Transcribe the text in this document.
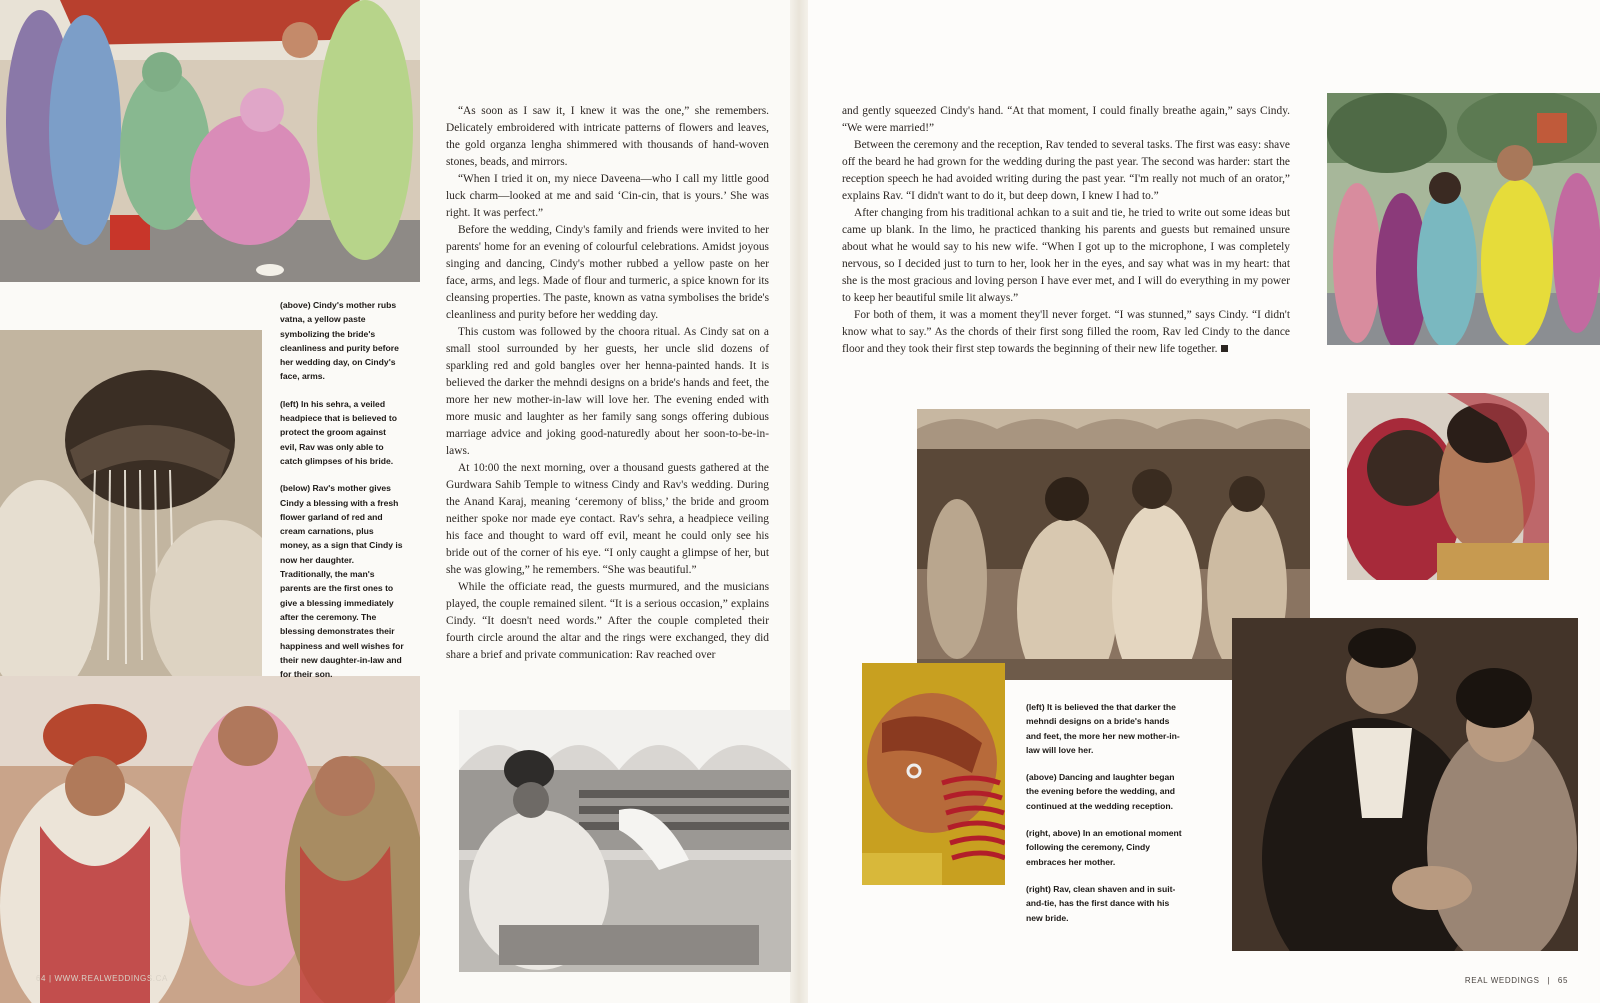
(above) Cindy's mother rubs vatna, a yellow paste symbolizing the bride's cleanliness and purity before her wedding day, on Cindy's face, arms.

(left) In his sehra, a veiled headpiece that is believed to protect the groom against evil, Rav was only able to catch glimpses of his bride.

(below) Rav's mother gives Cindy a blessing with a fresh flower garland of red and cream carnations, plus money, as a sign that Cindy is now her daughter. Traditionally, the man's parents are the first ones to give a blessing immediately after the ceremony. The blessing demonstrates their happiness and well wishes for their new daughter-in-law and for their son.

“As soon as I saw it, I knew it was the one,” she remembers. Delicately embroidered with intricate patterns of flowers and leaves, the gold organza lengha shimmered with thousands of hand-woven stones, beads, and mirrors.

“When I tried it on, my niece Daveena—who I call my little good luck charm—looked at me and said ‘Cin-cin, that is yours.’ She was right. It was perfect.”

Before the wedding, Cindy's family and friends were invited to her parents' home for an evening of colourful celebrations. Amidst joyous singing and dancing, Cindy's mother rubbed a yellow paste on her face, arms, and legs. Made of flour and turmeric, a spice known for its cleansing properties. The paste, known as vatna symbolises the bride's cleanliness and purity before her wedding day.

This custom was followed by the choora ritual. As Cindy sat on a small stool surrounded by her guests, her uncle slid dozens of sparkling red and gold bangles over her henna-painted hands. It is believed the darker the mehndi designs on a bride's hands and feet, the more her new mother-in-law will love her. The evening ended with more music and laughter as her family sang songs offering dubious marriage advice and joking good-naturedly about her soon-to-be-in-laws.

At 10:00 the next morning, over a thousand guests gathered at the Gurdwara Sahib Temple to witness Cindy and Rav's wedding. During the Anand Karaj, meaning ‘ceremony of bliss,’ the bride and groom neither spoke nor made eye contact. Rav's sehra, a headpiece veiling his face and thought to ward off evil, meant he could only see his bride out of the corner of his eye. “I only caught a glimpse of her, but she was glowing,” he remembers. “She was beautiful.”

While the officiate read, the guests murmured, and the musicians played, the couple remained silent. “It is a serious occasion,” explains Cindy. “It doesn't need words.” After the couple completed their fourth circle around the altar and the rings were exchanged, they did share a brief and private communication: Rav reached over

64 | WWW.REALWEDDINGS.CA

and gently squeezed Cindy's hand. “At that moment, I could finally breathe again,” says Cindy. “We were married!”

Between the ceremony and the reception, Rav tended to several tasks. The first was easy: shave off the beard he had grown for the wedding during the past year. The second was harder: start the reception speech he had avoided writing during the past year. “I'm really not much of an orator,” explains Rav. “I didn't want to do it, but deep down, I knew I had to.”

After changing from his traditional achkan to a suit and tie, he tried to write out some ideas but came up blank. In the limo, he practiced thanking his parents and guests but remained unsure about what he would say to his new wife. “When I got up to the microphone, I was completely nervous, so I decided just to turn to her, look her in the eyes, and say what was in my heart: that she is the most gracious and loving person I have ever met, and I will do everything in my power to keep her beautiful smile lit always.”

For both of them, it was a moment they'll never forget. “I was stunned,” says Cindy. “I didn't know what to say.” As the chords of their first song filled the room, Rav led Cindy to the dance floor and they took their first step towards the beginning of their new life together.

(left) It is believed the that darker the mehndi designs on a bride's hands and feet, the more her new mother-in-law will love her.

(above) Dancing and laughter began the evening before the wedding, and continued at the wedding reception.

(right, above) In an emotional moment following the ceremony, Cindy embraces her mother.

(right) Rav, clean shaven and in suit-and-tie, has the first dance with his new bride.

REAL WEDDINGS | 65
